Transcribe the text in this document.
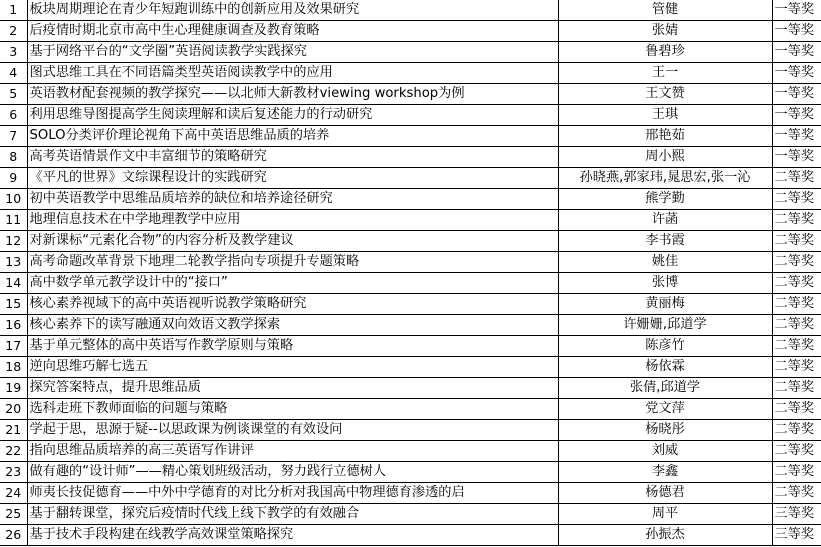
1	板块周期理论在青少年短跑训练中的创新应用及效果研究	管健	一等奖
2	后疫情时期北京市高中生心理健康调查及教育策略	张婧	一等奖
3	基于网络平台的“文学圈”英语阅读教学实践探究	鲁碧珍	一等奖
4	图式思维工具在不同语篇类型英语阅读教学中的应用	王一	一等奖
5	英语教材配套视频的教学探究——以北师大新教材viewing workshop为例	王文赞	一等奖
6	利用思维导图提高学生阅读理解和读后复述能力的行动研究	王琪	一等奖
7	SOLO分类评价理论视角下高中英语思维品质的培养	邢艳茹	一等奖
8	高考英语情景作文中丰富细节的策略研究	周小熙	一等奖
9	《平凡的世界》文综课程设计的实践研究	孙晓燕,郭家玮,晁思宏,张一沁	二等奖
10	初中英语教学中思维品质培养的缺位和培养途径研究	熊学勤	二等奖
11	地理信息技术在中学地理教学中应用	许菡	二等奖
12	对新课标“元素化合物”的内容分析及教学建议	李书霞	二等奖
13	高考命题改革背景下地理二轮教学指向专项提升专题策略	姚佳	二等奖
14	高中数学单元教学设计中的“接口”	张博	二等奖
15	核心素养视域下的高中英语视听说教学策略研究	黄丽梅	二等奖
16	核心素养下的读写融通双向效语文教学探索	许姗姗,邱道学	二等奖
17	基于单元整体的高中英语写作教学原则与策略	陈彦竹	二等奖
18	逆向思维巧解七选五	杨依霖	二等奖
19	探究答案特点，提升思维品质	张倩,邱道学	二等奖
20	选科走班下教师面临的问题与策略	党文萍	二等奖
21	学起于思，思源于疑--以思政课为例谈课堂的有效设问	杨晓彤	二等奖
22	指向思维品质培养的高三英语写作讲评	刘威	二等奖
23	做有趣的“设计师”——精心策划班级活动，努力践行立德树人	李鑫	二等奖
24	师夷长技促德育——中外中学德育的对比分析对我国高中物理德育渗透的启	杨德君	二等奖
25	基于翻转课堂，探究后疫情时代线上线下教学的有效融合	周平	三等奖
26	基于技术手段构建在线教学高效课堂策略探究	孙振杰	三等奖
